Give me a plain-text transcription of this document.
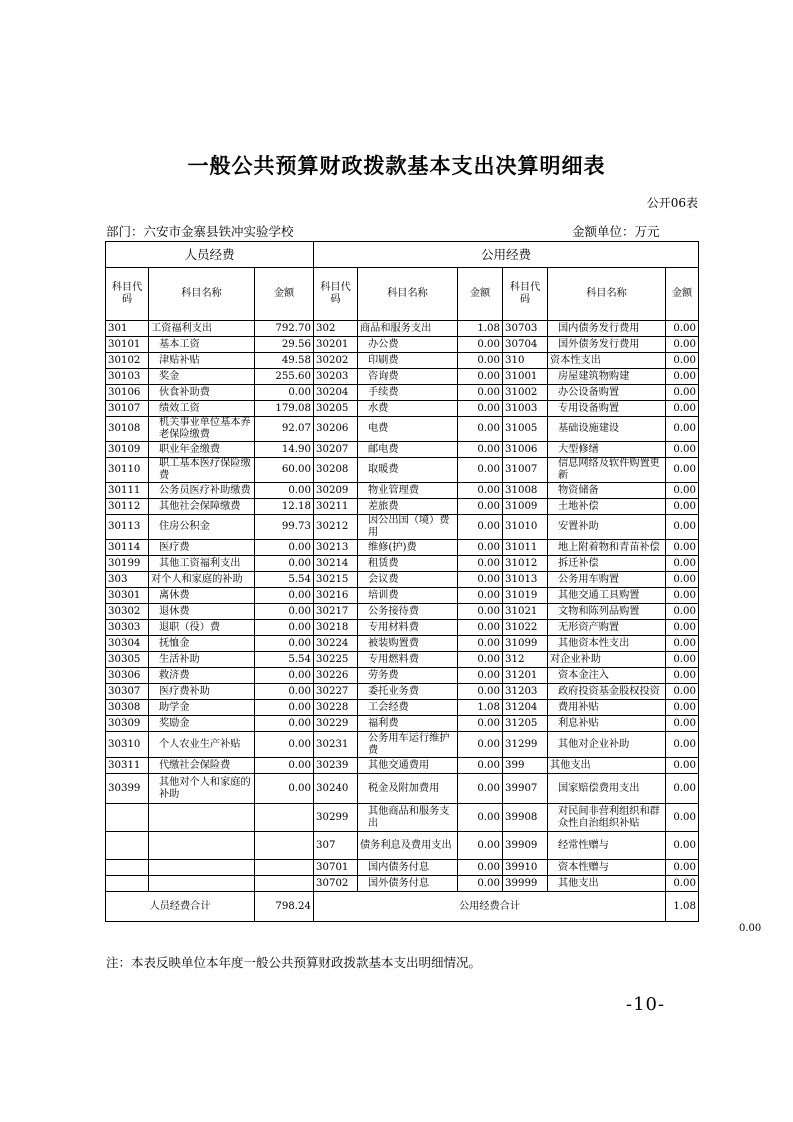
一般公共预算财政拨款基本支出决算明细表
公开06表
部门：六安市金寨县铁冲实验学校	金额单位：万元
人员经费			公用经费					
科目代码	科目名称	金额	科目代码	科目名称	金额	科目代码	科目名称	金额
301	工资福利支出	792.70	302	商品和服务支出	1.08	30703	国内债务发行费用	0.00
30101	基本工资	29.56	30201	办公费	0.00	30704	国外债务发行费用	0.00
30102	津贴补贴	49.58	30202	印刷费	0.00	310	资本性支出	0.00
30103	奖金	255.60	30203	咨询费	0.00	31001	房屋建筑物购建	0.00
30106	伙食补助费	0.00	30204	手续费	0.00	31002	办公设备购置	0.00
30107	绩效工资	179.08	30205	水费	0.00	31003	专用设备购置	0.00
30108	机关事业单位基本养老保险缴费	92.07	30206	电费	0.00	31005	基础设施建设	0.00
30109	职业年金缴费	14.90	30207	邮电费	0.00	31006	大型修缮	0.00
30110	职工基本医疗保险缴费	60.00	30208	取暖费	0.00	31007	信息网络及软件购置更新	0.00
30111	公务员医疗补助缴费	0.00	30209	物业管理费	0.00	31008	物资储备	0.00
30112	其他社会保障缴费	12.18	30211	差旅费	0.00	31009	土地补偿	0.00
30113	住房公积金	99.73	30212	因公出国（境）费用	0.00	31010	安置补助	0.00
30114	医疗费	0.00	30213	维修(护)费	0.00	31011	地上附着物和青苗补偿	0.00
30199	其他工资福利支出	0.00	30214	租赁费	0.00	31012	拆迁补偿	0.00
303	对个人和家庭的补助	5.54	30215	会议费	0.00	31013	公务用车购置	0.00
30301	离休费	0.00	30216	培训费	0.00	31019	其他交通工具购置	0.00
30302	退休费	0.00	30217	公务接待费	0.00	31021	文物和陈列品购置	0.00
30303	退职（役）费	0.00	30218	专用材料费	0.00	31022	无形资产购置	0.00
30304	抚恤金	0.00	30224	被装购置费	0.00	31099	其他资本性支出	0.00
30305	生活补助	5.54	30225	专用燃料费	0.00	312	对企业补助	0.00
30306	救济费	0.00	30226	劳务费	0.00	31201	资本金注入	0.00
30307	医疗费补助	0.00	30227	委托业务费	0.00	31203	政府投资基金股权投资	0.00
30308	助学金	0.00	30228	工会经费	1.08	31204	费用补贴	0.00
30309	奖励金	0.00	30229	福利费	0.00	31205	利息补贴	0.00
30310	个人农业生产补贴	0.00	30231	公务用车运行维护费	0.00	31299	其他对企业补助	0.00
30311	代缴社会保险费	0.00	30239	其他交通费用	0.00	399	其他支出	0.00
30399	其他对个人和家庭的补助	0.00	30240	税金及附加费用	0.00	39907	国家赔偿费用支出	0.00
			30299	其他商品和服务支出	0.00	39908	对民间非营利组织和群众性自治组织补贴	0.00
			307	债务利息及费用支出	0.00	39909	经常性赠与	0.00
			30701	国内债务付息	0.00	39910	资本性赠与	0.00
			30702	国外债务付息	0.00	39999	其他支出	0.00
人员经费合计		798.24	公用经费合计					1.08
0.00
注：本表反映单位本年度一般公共预算财政拨款基本支出明细情况。
-10-
